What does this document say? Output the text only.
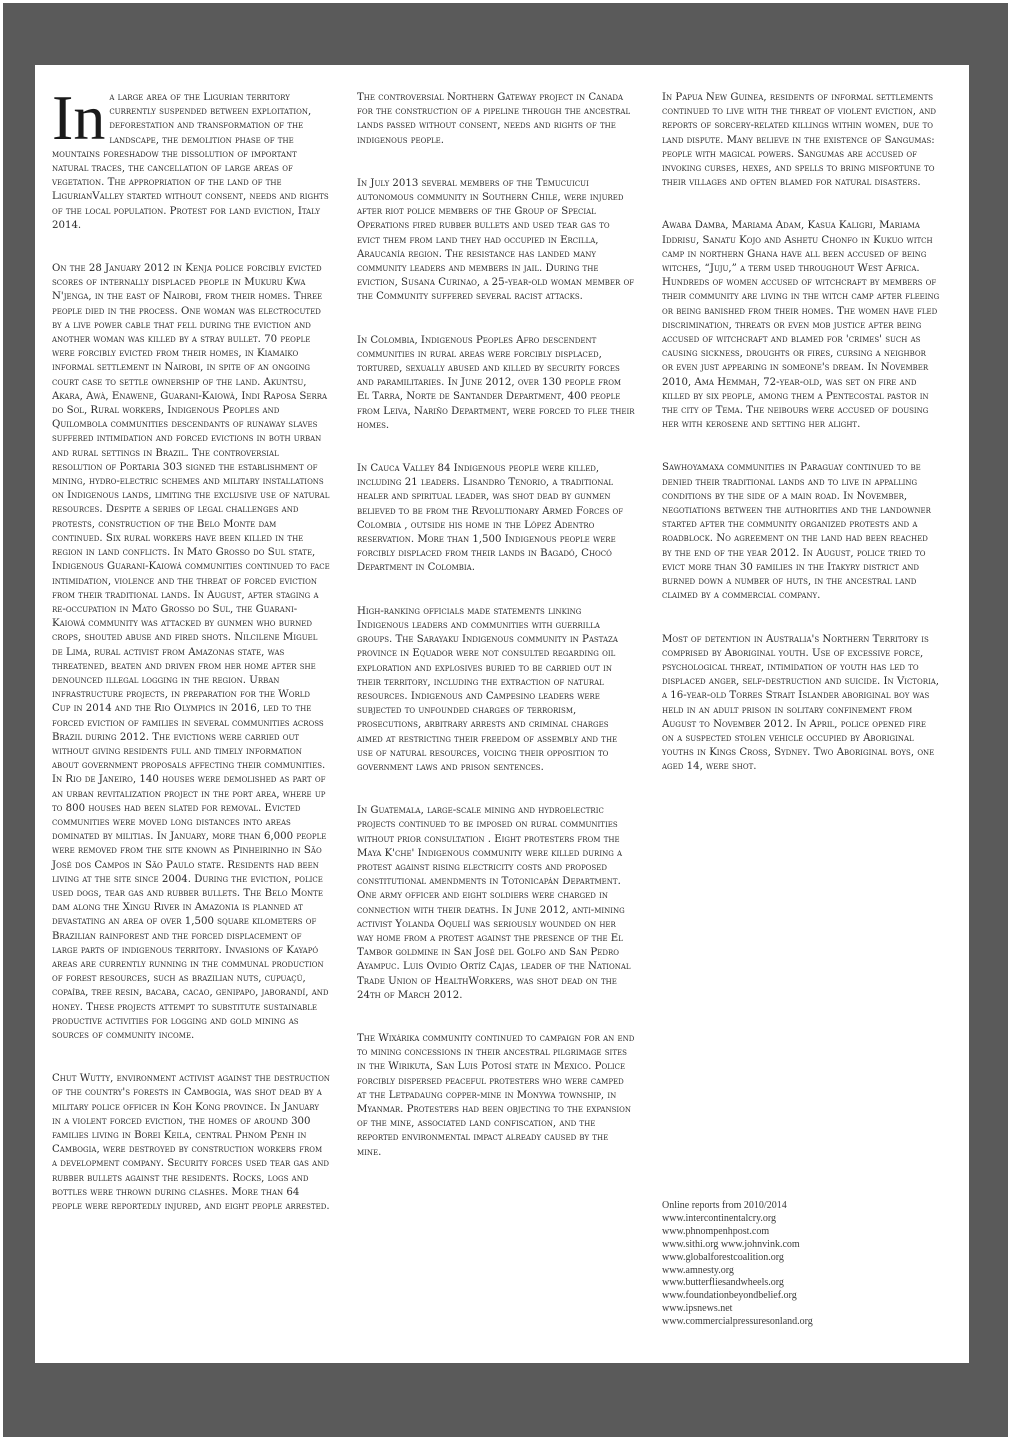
In a large area of the Ligurian territory currently suspended between exploitation, deforestation and transformation of the landscape, the demolition phase of the mountains foreshadow the dissolution of important natural traces, the cancellation of large areas of vegetation. The appropriation of the land of the LigurianValley started without consent, needs and rights of the local population. Protest for land eviction, Italy 2014.

On the 28 January 2012 in Kenja police forcibly evicted scores of internally displaced people in Mukuru Kwa N'jenga, in the east of Nairobi, from their homes. Three people died in the process. One woman was electrocuted by a live power cable that fell during the eviction and another woman was killed by a stray bullet. 70 people were forcibly evicted from their homes, in Kiamaiko informal settlement in Nairobi, in spite of an ongoing court case to settle ownership of the land. Akuntsu, Akara, Awà, Enawene, Guarani-Kaiowà, Indi Raposa Serra do Sol, Rural workers, Indigenous Peoples and Quilombola communities descendants of runaway slaves suffered intimidation and forced evictions in both urban and rural settings in Brazil. The controversial resolution of Portaria 303 signed the establishment of mining, hydro-electric schemes and military installations on Indigenous lands, limiting the exclusive use of natural resources. Despite a series of legal challenges and protests, construction of the Belo Monte dam continued. Six rural workers have been killed in the region in land conflicts. In Mato Grosso do Sul state, Indigenous Guarani-Kaiowá communities continued to face intimidation, violence and the threat of forced eviction from their traditional lands. In August, after staging a re-occupation in Mato Grosso do Sul, the Guarani- Kaiowá community was attacked by gunmen who burned crops, shouted abuse and fired shots. Nilcilene Miguel de Lima, rural activist from Amazonas state, was threatened, beaten and driven from her home after she denounced illegal logging in the region. Urban infrastructure projects, in preparation for the World Cup in 2014 and the Rio Olympics in 2016, led to the forced eviction of families in several communities across Brazil during 2012. The evictions were carried out without giving residents full and timely information about government proposals affecting their communities. In Rio de Janeiro, 140 houses were demolished as part of an urban revitalization project in the port area, where up to 800 houses had been slated for removal. Evicted communities were moved long distances into areas dominated by militias. In January, more than 6,000 people were removed from the site known as Pinheirinho in São José dos Campos in São Paulo state. Residents had been living at the site since 2004. During the eviction, police used dogs, tear gas and rubber bullets. The Belo Monte dam along the Xingu River in Amazonia is planned at devastating an area of over 1,500 square kilometers of Brazilian rainforest and the forced displacement of large parts of indigenous territory. Invasions of Kayapó areas are currently running in the communal production of forest resources, such as brazilian nuts, cupuaçú, copaíba, tree resin, bacaba, cacao, genipapo, jaborandí, and honey. These projects attempt to substitute sustainable productive activities for logging and gold mining as sources of community income.

Chut Wutty, environment activist against the destruction of the country's forests in Cambogia, was shot dead by a military police officer in Koh Kong province. In January in a violent forced eviction, the homes of around 300 families living in Borei Keila, central Phnom Penh in Cambogia, were destroyed by construction workers from a development company. Security forces used tear gas and rubber bullets against the residents. Rocks, logs and bottles were thrown during clashes. More than 64 people were reportedly injured, and eight people arrested.

The controversial Northern Gateway project in Canada for the construction of a pipeline through the ancestral lands passed without consent, needs and rights of the indigenous people.

In July 2013 several members of the Temucuicui autonomous community in Southern Chile, were injured after riot police members of the Group of Special Operations fired rubber bullets and used tear gas to evict them from land they had occupied in Ercilla, Araucanía region. The resistance has landed many community leaders and members in jail. During the eviction, Susana Curinao, a 25-year-old woman member of the Community suffered several racist attacks.

In Colombia, Indigenous Peoples Afro descendent communities in rural areas were forcibly displaced, tortured, sexually abused and killed by security forces and paramilitaries. In June 2012, over 130 people from El Tarra, Norte de Santander Department, 400 people from Leiva, Nariño Department, were forced to flee their homes.

In Cauca Valley 84 Indigenous people were killed, including 21 leaders. Lisandro Tenorio, a traditional healer and spiritual leader, was shot dead by gunmen believed to be from the Revolutionary Armed Forces of Colombia , outside his home in the López Adentro reservation. More than 1,500 Indigenous people were forcibly displaced from their lands in Bagadó, Chocó Department in Colombia.

High-ranking officials made statements linking Indigenous leaders and communities with guerrilla groups. The Sarayaku Indigenous community in Pastaza province in Equador were not consulted regarding oil exploration and explosives buried to be carried out in their territory, including the extraction of natural resources. Indigenous and Campesino leaders were subjected to unfounded charges of terrorism, prosecutions, arbitrary arrests and criminal charges aimed at restricting their freedom of assembly and the use of natural resources, voicing their opposition to government laws and prison sentences.

In Guatemala, large-scale mining and hydroelectric projects continued to be imposed on rural communities without prior consultation . Eight protesters from the Maya K'che' Indigenous community were killed during a protest against rising electricity costs and proposed constitutional amendments in Totonicapán Department. One army officer and eight soldiers were charged in connection with their deaths. In June 2012, anti-mining activist Yolanda Oquelí was seriously wounded on her way home from a protest against the presence of the El Tambor goldmine in San José del Golfo and San Pedro Ayampuc. Luis Ovidio Ortíz Cajas, leader of the National Trade Union of HealthWorkers, was shot dead on the 24th of March 2012.

The Wixárika community continued to campaign for an end to mining concessions in their ancestral pilgrimage sites in the Wirikuta, San Luis Potosí state in Mexico. Police forcibly dispersed peaceful protesters who were camped at the Letpadaung copper-mine in Monywa township, in Myanmar. Protesters had been objecting to the expansion of the mine, associated land confiscation, and the reported environmental impact already caused by the mine.

In Papua New Guinea, residents of informal settlements continued to live with the threat of violent eviction, and reports of sorcery-related killings within women, due to land dispute. Many believe in the existence of Sangumas: people with magical powers. Sangumas are accused of invoking curses, hexes, and spells to bring misfortune to their villages and often blamed for natural disasters.

Awaba Damba, Mariama Adam, Kasua Kaligri, Mariama Iddrisu, Sanatu Kojo and Ashetu Chonfo in Kukuo witch camp in northern Ghana have all been accused of being witches, “Juju,” a term used throughout West Africa. Hundreds of women accused of witchcraft by members of their community are living in the witch camp after fleeing or being banished from their homes. The women have fled discrimination, threats or even mob justice after being accused of witchcraft and blamed for 'crimes' such as causing sickness, droughts or fires, cursing a neighbor or even just appearing in someone's dream. In November 2010, Ama Hemmah, 72-year-old, was set on fire and killed by six people, among them a Pentecostal pastor in the city of Tema. The neibours were accused of dousing her with kerosene and setting her alight.

Sawhoyamaxa communities in Paraguay continued to be denied their traditional lands and to live in appalling conditions by the side of a main road. In November, negotiations between the authorities and the landowner started after the community organized protests and a roadblock. No agreement on the land had been reached by the end of the year 2012. In August, police tried to evict more than 30 families in the Itakyry district and burned down a number of huts, in the ancestral land claimed by a commercial company.

Most of detention in Australia's Northern Territory is comprised by Aboriginal youth. Use of excessive force, psychological threat, intimidation of youth has led to displaced anger, self-destruction and suicide. In Victoria, a 16-year-old Torres Strait Islander aboriginal boy was held in an adult prison in solitary confinement from August to November 2012. In April, police opened fire on a suspected stolen vehicle occupied by Aboriginal youths in Kings Cross, Sydney. Two Aboriginal boys, one aged 14, were shot.

Online reports from 2010/2014
www.intercontinentalcry.org
www.phnompenhpost.com
www.sithi.org www.johnvink.com
www.globalforestcoalition.org
www.amnesty.org
www.butterfliesandwheels.org
www.foundationbeyondbelief.org
www.ipsnews.net
www.commercialpressuresonland.org
